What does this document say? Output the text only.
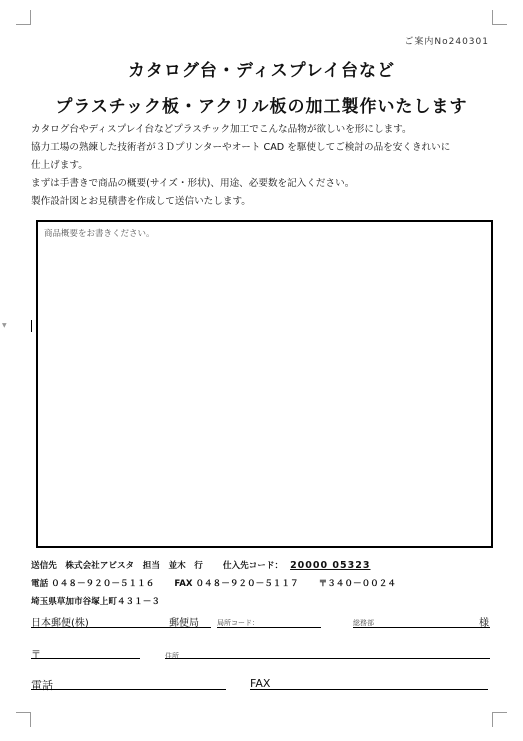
▼
ご案内No240301
カタログ台・ディスプレイ台など
プラスチック板・アクリル板の加工製作いたします

カタログ台やディスプレイ台などプラスチック加工でこんな品物が欲しいを形にします。

協力工場の熟練した技術者が３Ｄプリンターやオート CAD を駆使してご検討の品を安くきれいに

仕上げます。

まずは手書きで商品の概要(サイズ・形状)、用途、必要数を記入ください。

製作設計図とお見積書を作成して送信いたします。

商品概要をお書きください。
送信先　株式会社アビスタ　担当　並木　行 仕入先コード： 20000 05323
電話 ０４８－９２０－５１１６ FAX ０４８－９２０－５１１７ 〒３４０－００２４
埼玉県草加市谷塚上町４３１－３
日本郵便(株)	郵便局	局所コード：	総務部	様
〒	住所
電話	FAX
